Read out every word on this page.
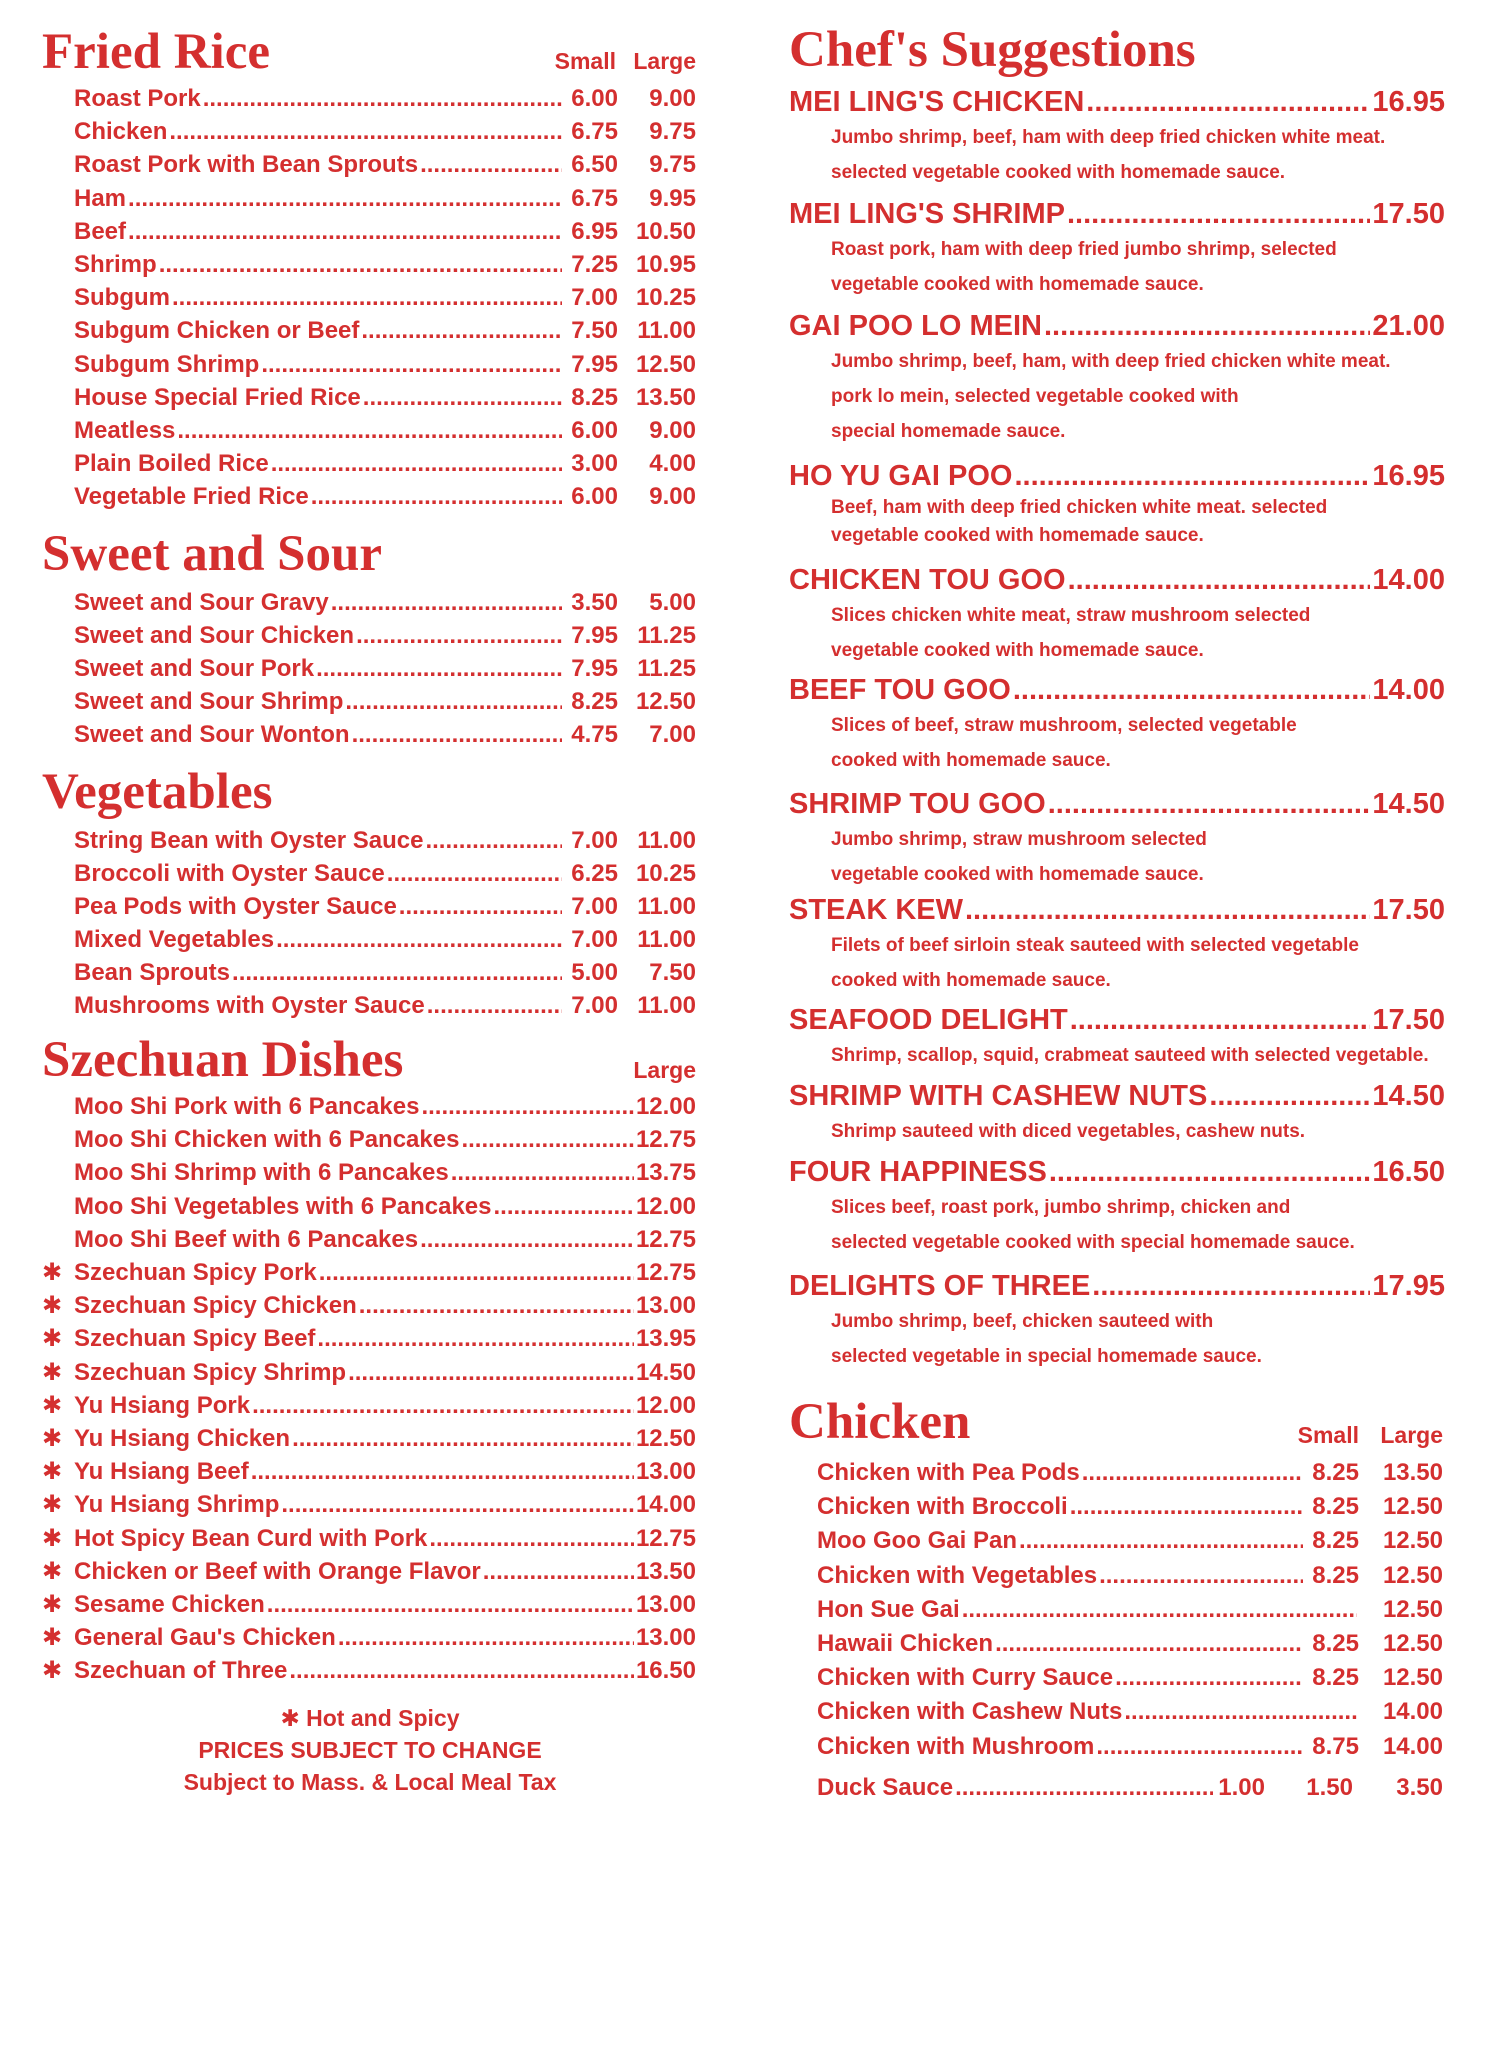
Fried Rice	Small Large
Roast Pork .....	6.00	9.00
Chicken .....	6.75	9.75
Roast Pork with Bean Sprouts .....	6.50	9.75
Ham .....	6.75	9.95
Beef .....	6.95 10.50
Shrimp .....	7.25 10.95
Subgum .....	7.00 10.25
Subgum Chicken or Beef .....	7.50 11.00
Subgum Shrimp .....	7.95 12.50
House Special Fried Rice .....	8.25 13.50
Meatless .....	6.00	9.00
Plain Boiled Rice .....	3.00	4.00
Vegetable Fried Rice .....	6.00	9.00
Sweet and Sour
Sweet and Sour Gravy .....	3.50	5.00
Sweet and Sour Chicken .....	7.95 11.25
Sweet and Sour Pork .....	7.95 11.25
Sweet and Sour Shrimp .....	8.25 12.50
Sweet and Sour Wonton .....	4.75	7.00
Vegetables
String Bean with Oyster Sauce .....	7.00 11.00
Broccoli with Oyster Sauce .....	6.25 10.25
Pea Pods with Oyster Sauce .....	7.00 11.00
Mixed Vegetables .....	7.00 11.00
Bean Sprouts .....	5.00	7.50
Mushrooms with Oyster Sauce .....	7.00 11.00
Szechuan Dishes	Large
Moo Shi Pork with 6 Pancakes .....	12.00
Moo Shi Chicken with 6 Pancakes .....	12.75
Moo Shi Shrimp with 6 Pancakes .....	13.75
Moo Shi Vegetables with 6 Pancakes .....	12.00
Moo Shi Beef with 6 Pancakes .....	12.75
✱ Szechuan Spicy Pork .....	12.75
✱ Szechuan Spicy Chicken .....	13.00
✱ Szechuan Spicy Beef .....	13.95
✱ Szechuan Spicy Shrimp .....	14.50
✱ Yu Hsiang Pork .....	12.00
✱ Yu Hsiang Chicken .....	12.50
✱ Yu Hsiang Beef .....	13.00
✱ Yu Hsiang Shrimp .....	14.00
✱ Hot Spicy Bean Curd with Pork .....	12.75
✱ Chicken or Beef with Orange Flavor .....	13.50
✱ Sesame Chicken .....	13.00
✱ General Gau's Chicken .....	13.00
✱ Szechuan of Three .....	16.50
✱ Hot and Spicy
PRICES SUBJECT TO CHANGE
Subject to Mass. & Local Meal Tax
Chef's Suggestions
MEI LING'S CHICKEN .....	16.95
Jumbo shrimp, beef, ham with deep fried chicken white meat.
selected vegetable cooked with homemade sauce.
MEI LING'S SHRIMP .....	17.50
Roast pork, ham with deep fried jumbo shrimp, selected
vegetable cooked with homemade sauce.
GAI POO LO MEIN .....	21.00
Jumbo shrimp, beef, ham, with deep fried chicken white meat.
pork lo mein, selected vegetable cooked with
special homemade sauce.
HO YU GAI POO .....	16.95
Beef, ham with deep fried chicken white meat. selected
vegetable cooked with homemade sauce.
CHICKEN TOU GOO .....	14.00
Slices chicken white meat, straw mushroom selected
vegetable cooked with homemade sauce.
BEEF TOU GOO .....	14.00
Slices of beef, straw mushroom, selected vegetable
cooked with homemade sauce.
SHRIMP TOU GOO .....	14.50
Jumbo shrimp, straw mushroom selected
vegetable cooked with homemade sauce.
STEAK KEW .....	17.50
Filets of beef sirloin steak sauteed with selected vegetable
cooked with homemade sauce.
SEAFOOD DELIGHT .....	17.50
Shrimp, scallop, squid, crabmeat sauteed with selected vegetable.
SHRIMP WITH CASHEW NUTS .....	14.50
Shrimp sauteed with diced vegetables, cashew nuts.
FOUR HAPPINESS .....	16.50
Slices beef, roast pork, jumbo shrimp, chicken and
selected vegetable cooked with special homemade sauce.
DELIGHTS OF THREE .....	17.95
Jumbo shrimp, beef, chicken sauteed with
selected vegetable in special homemade sauce.
Chicken	Small Large
Chicken with Pea Pods .....	8.25 13.50
Chicken with Broccoli .....	8.25 12.50
Moo Goo Gai Pan .....	8.25 12.50
Chicken with Vegetables .....	8.25 12.50
Hon Sue Gai .....	12.50
Hawaii Chicken .....	8.25 12.50
Chicken with Curry Sauce .....	8.25 12.50
Chicken with Cashew Nuts .....	14.00
Chicken with Mushroom .....	8.75 14.00
Duck Sauce .....	1.00	1.50	3.50
